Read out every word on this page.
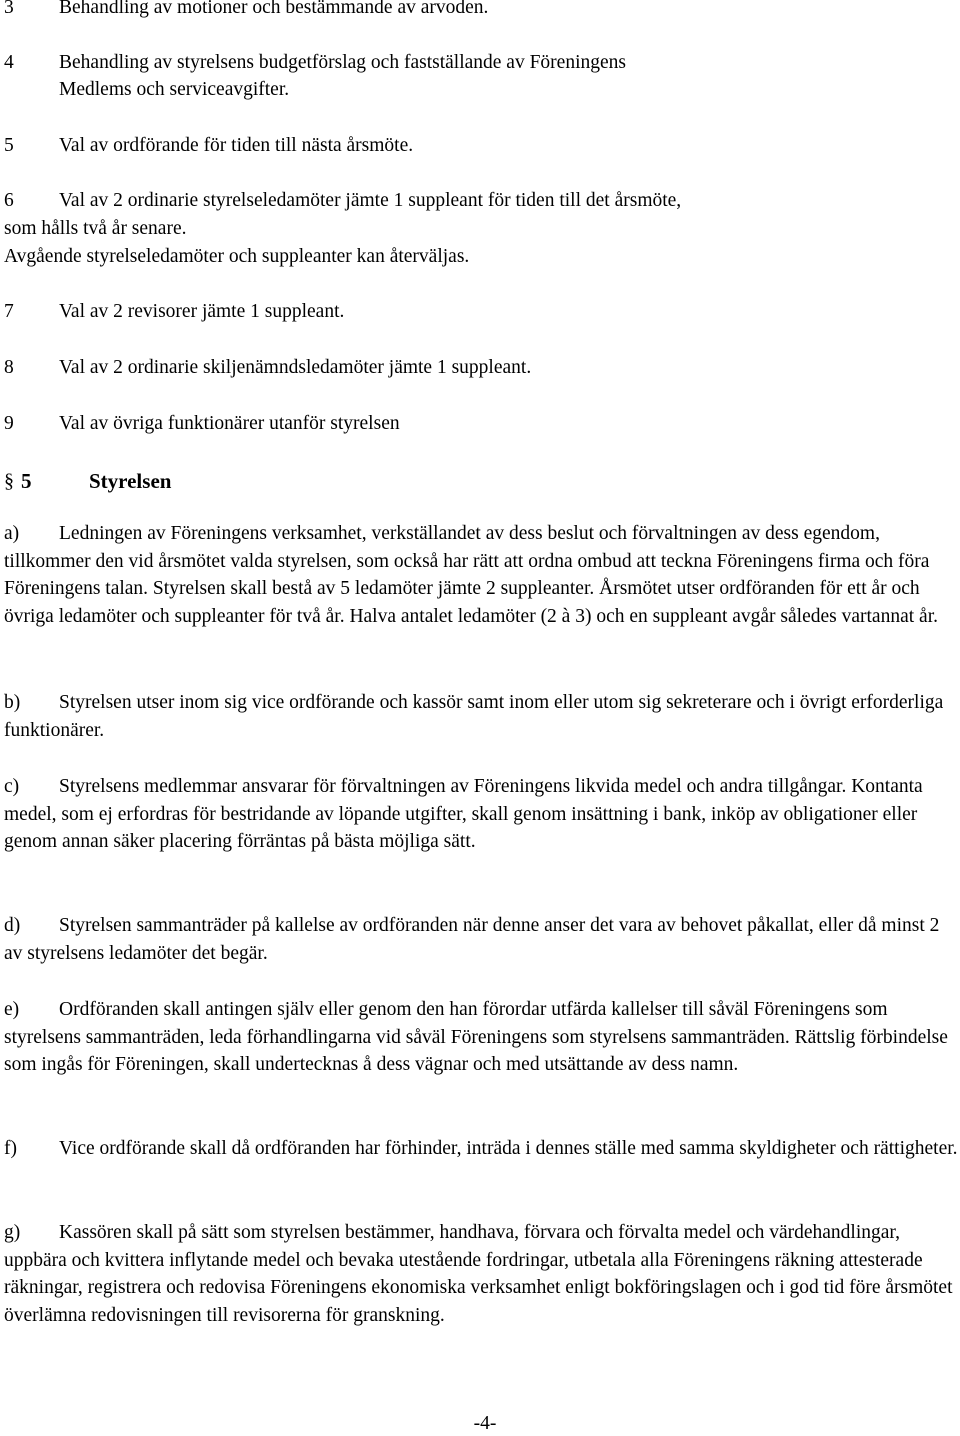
3 Behandling av motioner och bestämmande av arvoden.
4 Behandling av styrelsens budgetförslag och fastställande av Föreningens
Medlems och serviceavgifter.
5 Val av ordförande för tiden till nästa årsmöte.
6 Val av 2 ordinarie styrelseledamöter jämte 1 suppleant för tiden till det årsmöte,
som hålls två år senare.
Avgående styrelseledamöter och suppleanter kan återväljas.
7 Val av 2 revisorer jämte 1 suppleant.
8 Val av 2 ordinarie skiljenämndsledamöter jämte 1 suppleant.
9 Val av övriga funktionärer utanför styrelsen
§ 5	Styrelsen
a) Ledningen av Föreningens verksamhet, verkställandet av dess beslut och förvaltningen av dess egendom, tillkommer den vid årsmötet valda styrelsen, som också har rätt att ordna ombud att teckna Föreningens firma och föra Föreningens talan. Styrelsen skall bestå av 5 ledamöter jämte 2 suppleanter. Årsmötet utser ordföranden för ett år och övriga ledamöter och suppleanter för två år. Halva antalet ledamöter (2 à 3) och en suppleant avgår således vartannat år.
b) Styrelsen utser inom sig vice ordförande och kassör samt inom eller utom sig sekreterare och i övrigt erforderliga funktionärer.
c) Styrelsens medlemmar ansvarar för förvaltningen av Föreningens likvida medel och andra tillgångar. Kontanta medel, som ej erfordras för bestridande av löpande utgifter, skall genom insättning i bank, inköp av obligationer eller genom annan säker placering förräntas på bästa möjliga sätt.
d) Styrelsen sammanträder på kallelse av ordföranden när denne anser det vara av behovet påkallat, eller då minst 2 av styrelsens ledamöter det begär.
e) Ordföranden skall antingen själv eller genom den han förordar utfärda kallelser till såväl Föreningens som styrelsens sammanträden, leda förhandlingarna vid såväl Föreningens som styrelsens sammanträden. Rättslig förbindelse som ingås för Föreningen, skall undertecknas å dess vägnar och med utsättande av dess namn.
f) Vice ordförande skall då ordföranden har förhinder, inträda i dennes ställe med samma skyldigheter och rättigheter.
g) Kassören skall på sätt som styrelsen bestämmer, handhava, förvara och förvalta medel och värdehandlingar, uppbära och kvittera inflytande medel och bevaka utestående fordringar, utbetala alla Föreningens räkning attesterade räkningar, registrera och redovisa Föreningens ekonomiska verksamhet enligt bokföringslagen och i god tid före årsmötet överlämna redovisningen till revisorerna för granskning.
-4-
